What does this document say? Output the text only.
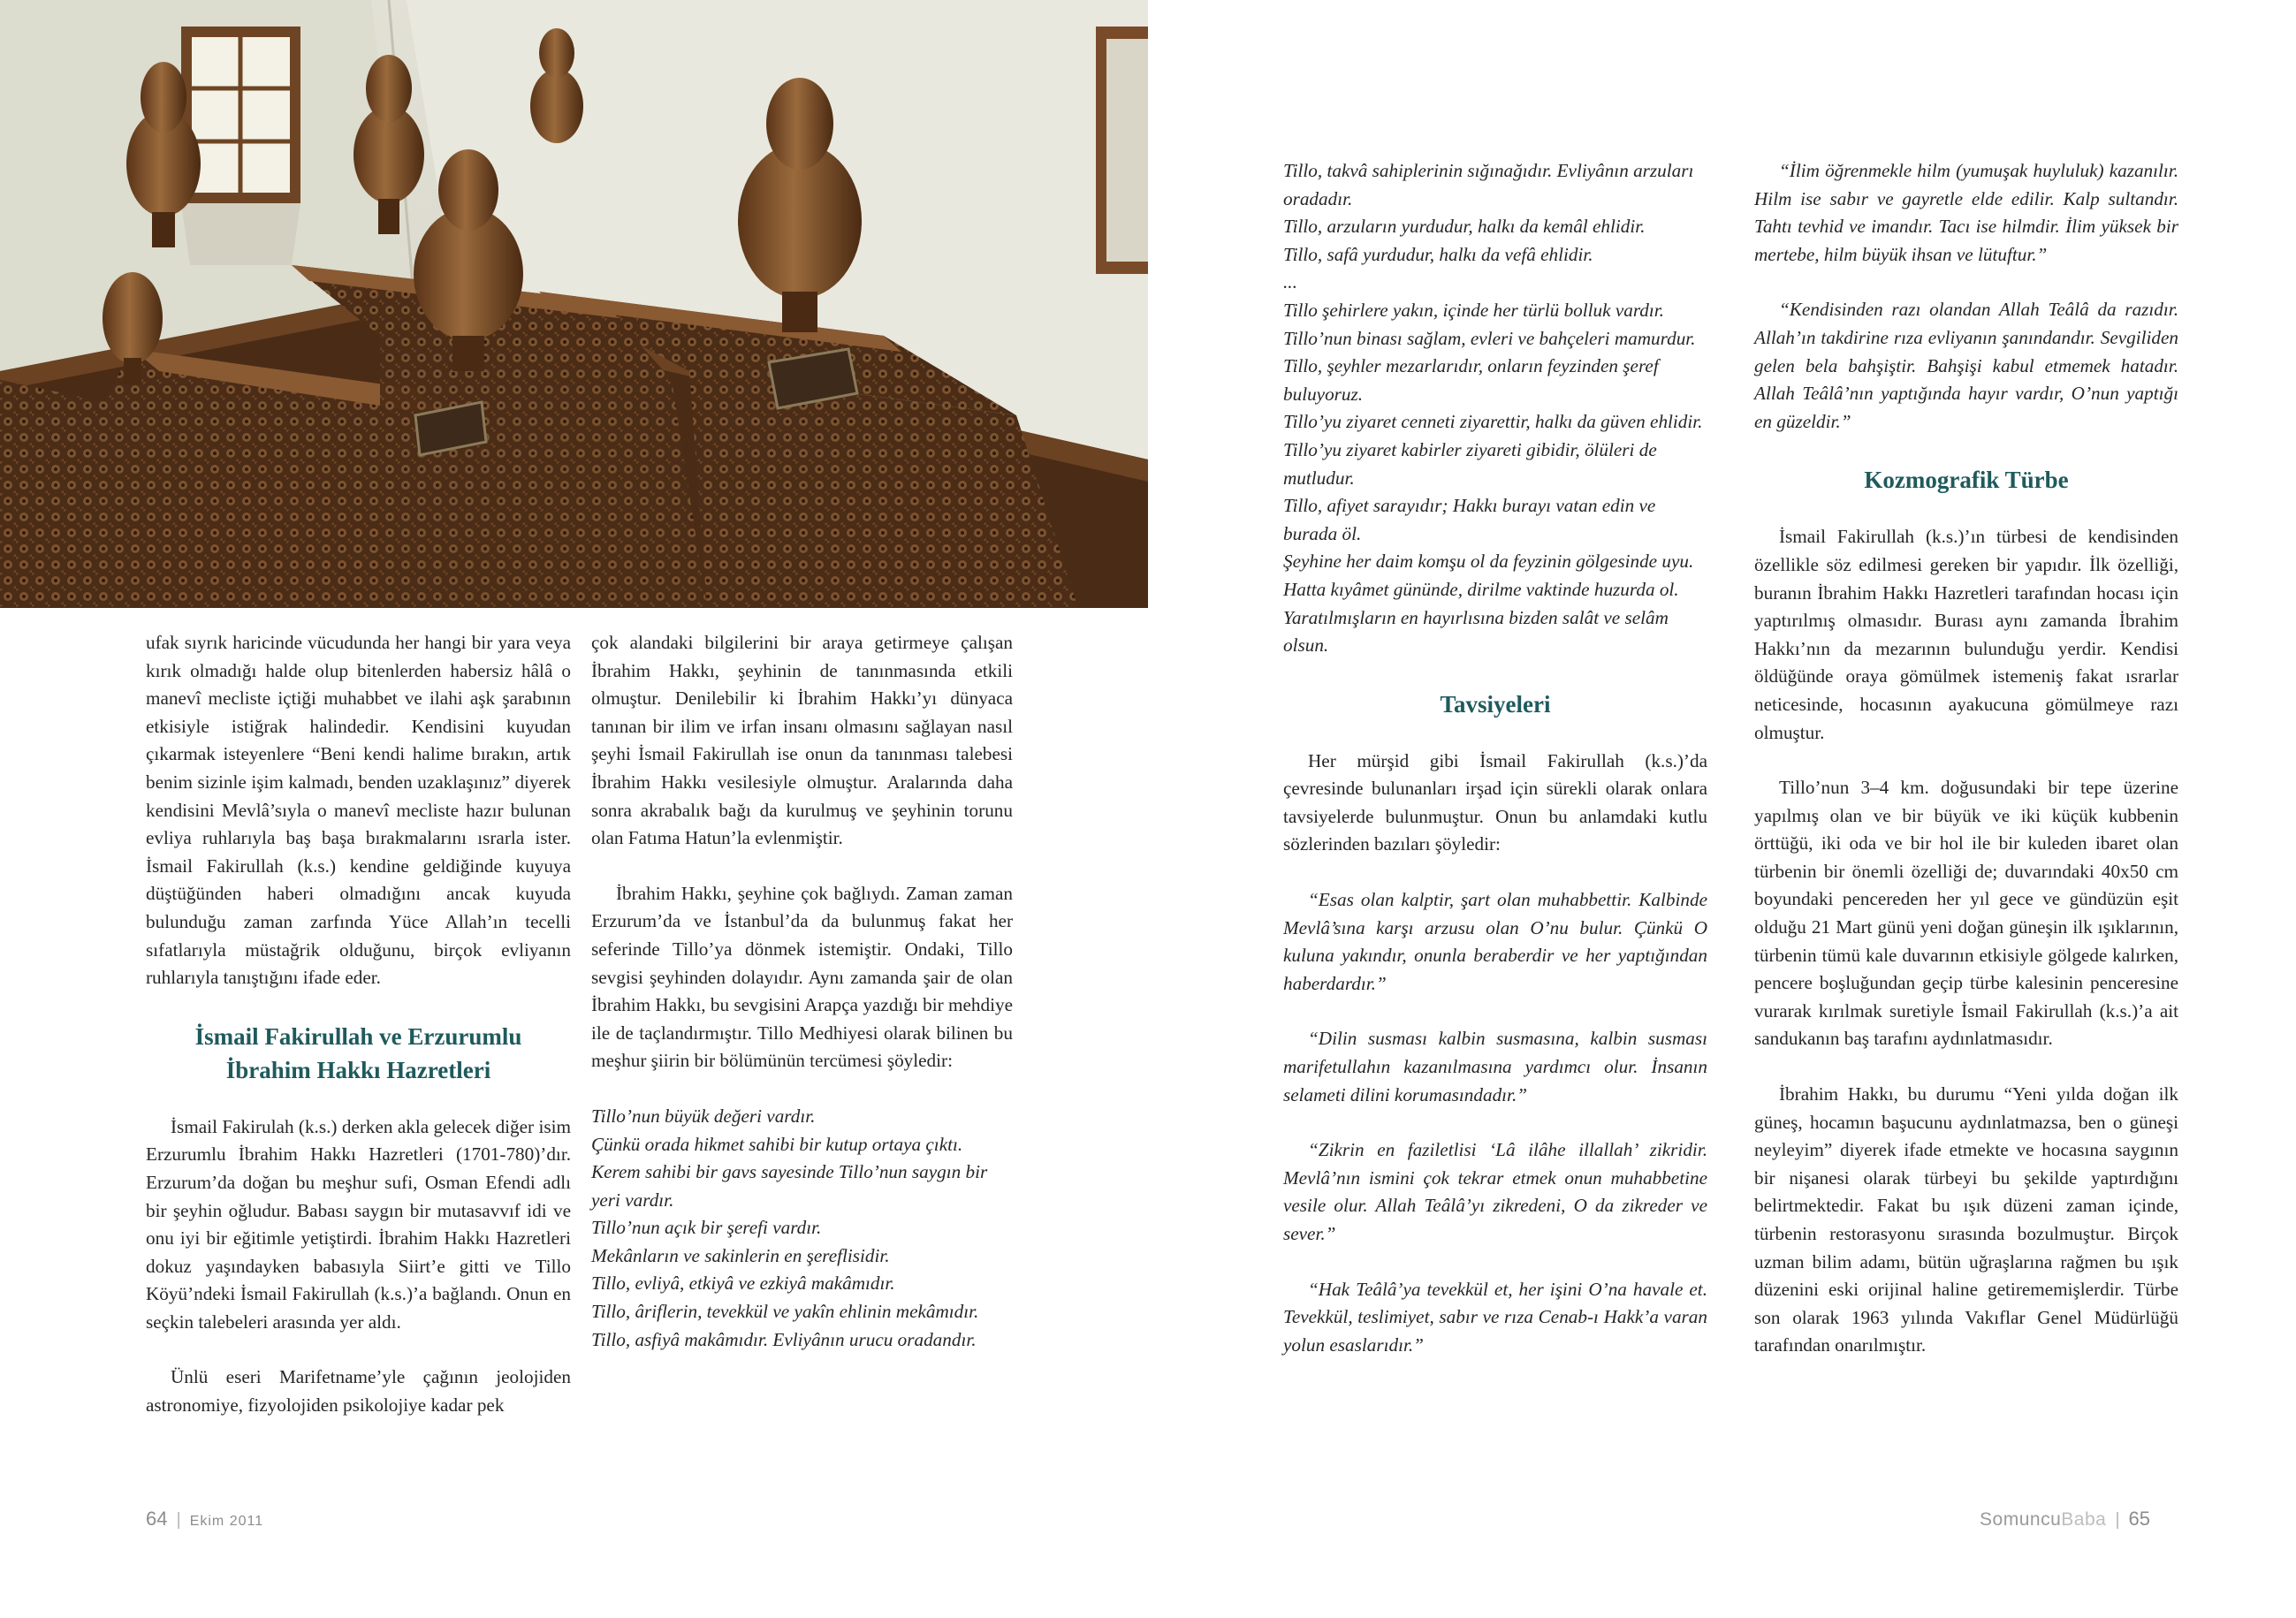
ufak sıyrık haricinde vücudunda her hangi bir yara veya kırık olmadığı halde olup bitenlerden habersiz hâlâ o manevî mecliste içtiği muhabbet ve ilahi aşk şarabının etkisiyle istiğrak halindedir. Kendisini kuyudan çıkarmak isteyenlere “Beni kendi halime bırakın, artık benim sizinle işim kalmadı, benden uzaklaşınız” diyerek kendisini Mevlâ’sıyla o manevî mecliste hazır bulunan evliya ruhlarıyla baş başa bırakmalarını ısrarla ister. İsmail Fakirullah (k.s.) kendine geldiğinde kuyuya düştüğünden haberi olmadığını ancak kuyuda bulunduğu zaman zarfında Yüce Allah’ın tecelli sıfatlarıyla müstağrik olduğunu, birçok evliyanın ruhlarıyla tanıştığını ifade eder.

İsmail Fakirullah ve Erzurumlu
İbrahim Hakkı Hazretleri

İsmail Fakirulah (k.s.) derken akla gelecek diğer isim Erzurumlu İbrahim Hakkı Hazretleri (1701-780)’dır. Erzurum’da doğan bu meşhur sufi, Osman Efendi adlı bir şeyhin oğludur. Babası saygın bir mutasavvıf idi ve onu iyi bir eğitimle yetiştirdi. İbrahim Hakkı Hazretleri dokuz yaşındayken babasıyla Siirt’e gitti ve Tillo Köyü’ndeki İsmail Fakirullah (k.s.)’a bağlandı. Onun en seçkin talebeleri arasında yer aldı.

Ünlü eseri Marifetname’yle çağının jeolojiden astronomiye, fizyolojiden psikolojiye kadar pek

çok alandaki bilgilerini bir araya getirmeye çalışan İbrahim Hakkı, şeyhinin de tanınmasında etkili olmuştur. Denilebilir ki İbrahim Hakkı’yı dünyaca tanınan bir ilim ve irfan insanı olmasını sağlayan nasıl şeyhi İsmail Fakirullah ise onun da tanınması talebesi İbrahim Hakkı vesilesiyle olmuştur. Aralarında daha sonra akrabalık bağı da kurulmuş ve şeyhinin torunu olan Fatıma Hatun’la evlenmiştir.

İbrahim Hakkı, şeyhine çok bağlıydı. Zaman zaman Erzurum’da ve İstanbul’da da bulunmuş fakat her seferinde Tillo’ya dönmek istemiştir. Ondaki, Tillo sevgisi şeyhinden dolayıdır. Aynı zamanda şair de olan İbrahim Hakkı, bu sevgisini Arapça yazdığı bir mehdiye ile de taçlandırmıştır. Tillo Medhiyesi olarak bilinen bu meşhur şiirin bir bölümünün tercümesi şöyledir:

Tillo’nun büyük değeri vardır.
Çünkü orada hikmet sahibi bir kutup ortaya çıktı.
Kerem sahibi bir gavs sayesinde Tillo’nun saygın bir yeri vardır.
Tillo’nun açık bir şerefi vardır.
Mekânların ve sakinlerin en şereflisidir.
Tillo, evliyâ, etkiyâ ve ezkiyâ makâmıdır.
Tillo, âriflerin, tevekkül ve yakîn ehlinin mekâmıdır.
Tillo, asfiyâ makâmıdır. Evliyânın urucu oradandır.
64 | Ekim 2011
Tillo, takvâ sahiplerinin sığınağıdır. Evliyânın arzuları oradadır.
Tillo, arzuların yurdudur, halkı da kemâl ehlidir.
Tillo, safâ yurdudur, halkı da vefâ ehlidir.
...
Tillo şehirlere yakın, içinde her türlü bolluk vardır.
Tillo’nun binası sağlam, evleri ve bahçeleri mamurdur.
Tillo, şeyhler mezarlarıdır, onların feyzinden şeref buluyoruz.
Tillo’yu ziyaret cenneti ziyarettir, halkı da güven ehlidir.
Tillo’yu ziyaret kabirler ziyareti gibidir, ölüleri de mutludur.
Tillo, afiyet sarayıdır; Hakkı burayı vatan edin ve burada öl.
Şeyhine her daim komşu ol da feyzinin gölgesinde uyu.
Hatta kıyâmet gününde, dirilme vaktinde huzurda ol.
Yaratılmışların en hayırlısına bizden salât ve selâm olsun.
Tavsiyeleri

Her mürşid gibi İsmail Fakirullah (k.s.)’da çevresinde bulunanları irşad için sürekli olarak onlara tavsiyelerde bulunmuştur. Onun bu anlamdaki kutlu sözlerinden bazıları şöyledir:

“Esas olan kalptir, şart olan muhabbettir. Kalbinde Mevlâ’sına karşı arzusu olan O’nu bulur. Çünkü O kuluna yakındır, onunla beraberdir ve her yaptığından haberdardır.”

“Dilin susması kalbin susmasına, kalbin susması marifetullahın kazanılmasına yardımcı olur. İnsanın selameti dilini korumasındadır.”

“Zikrin en faziletlisi ‘Lâ ilâhe illallah’ zikridir. Mevlâ’nın ismini çok tekrar etmek onun muhabbetine vesile olur. Allah Teâlâ’yı zikredeni, O da zikreder ve sever.”

“Hak Teâlâ’ya tevekkül et, her işini O’na havale et. Tevekkül, teslimiyet, sabır ve rıza Cenab-ı Hakk’a varan yolun esaslarıdır.”

“İlim öğrenmekle hilm (yumuşak huyluluk) kazanılır. Hilm ise sabır ve gayretle elde edilir. Kalp sultandır. Tahtı tevhid ve imandır. Tacı ise hilmdir. İlim yüksek bir mertebe, hilm büyük ihsan ve lütuftur.”

“Kendisinden razı olandan Allah Teâlâ da razıdır. Allah’ın takdirine rıza evliyanın şanındandır. Sevgiliden gelen bela bahşiştir. Bahşişi kabul etmemek hatadır. Allah Teâlâ’nın yaptığında hayır vardır, O’nun yaptığı en güzeldir.”

Kozmografik Türbe

İsmail Fakirullah (k.s.)’ın türbesi de kendisinden özellikle söz edilmesi gereken bir yapıdır. İlk özelliği, buranın İbrahim Hakkı Hazretleri tarafından hocası için yaptırılmış olmasıdır. Burası aynı zamanda İbrahim Hakkı’nın da mezarının bulunduğu yerdir. Kendisi öldüğünde oraya gömülmek istemeniş fakat ısrarlar neticesinde, hocasının ayakucuna gömülmeye razı olmuştur.

Tillo’nun 3–4 km. doğusundaki bir tepe üzerine yapılmış olan ve bir büyük ve iki küçük kubbenin örttüğü, iki oda ve bir hol ile bir kuleden ibaret olan türbenin bir önemli özelliği de; duvarındaki 40x50 cm boyundaki pencereden her yıl gece ve gündüzün eşit olduğu 21 Mart günü yeni doğan güneşin ilk ışıklarının, türbenin tümü kale duvarının etkisiyle gölgede kalırken, pencere boşluğundan geçip türbe kalesinin penceresine vurarak kırılmak suretiyle İsmail Fakirullah (k.s.)’a ait sandukanın baş tarafını aydınlatmasıdır.

İbrahim Hakkı, bu durumu “Yeni yılda doğan ilk güneş, hocamın başucunu aydınlatmazsa, ben o güneşi neyleyim” diyerek ifade etmekte ve hocasına saygının bir nişanesi olarak türbeyi bu şekilde yaptırdığını belirtmektedir. Fakat bu ışık düzeni zaman içinde, türbenin restorasyonu sırasında bozulmuştur. Birçok uzman bilim adamı, bütün uğraşlarına rağmen bu ışık düzenini eski orijinal haline getirememişlerdir. Türbe son olarak 1963 yılında Vakıflar Genel Müdürlüğü tarafından onarılmıştır.

SomuncuBaba | 65
